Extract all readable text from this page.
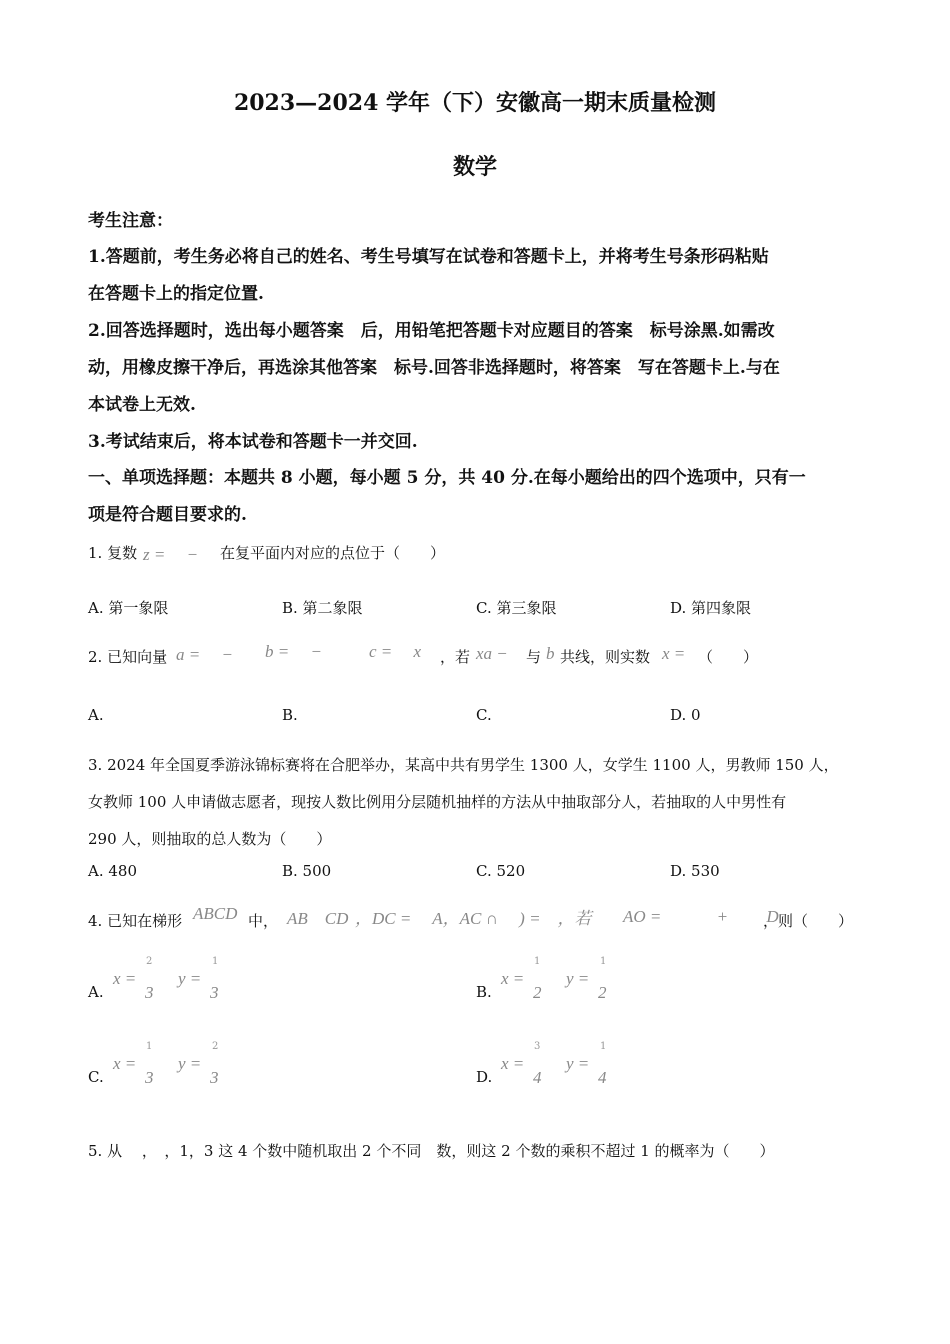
2023—2024 学年（下）安徽高一期末质量检测
数学
考生注意：
1.答题前，考生务必将自己的姓名、考生号填写在试卷和答题卡上，并将考生号条形码粘贴
在答题卡上的指定位置.
2.回答选择题时，选出每小题答案　后，用铅笔把答题卡对应题目的答案　标号涂黑.如需改
动，用橡皮擦干净后，再选涂其他答案　标号.回答非选择题时，将答案　写在答题卡上.与在
本试卷上无效.
3.考试结束后，将本试卷和答题卡一并交回.
一、单项选择题：本题共 8 小题，每小题 5 分，共 40 分.在每小题给出的四个选项中，只有一
项是符合题目要求的.
1. 复数 z =　 − 在复平面内对应的点位于（　　）
A. 第一象限	B. 第二象限	C. 第三象限	D. 第四象限
2. 已知向量 a =　 − b =　 −	c =　 x ，若 xa − 与 b 共线，则实数 x = （　　）
A.	B.	C.	D. 0
3. 2024 年全国夏季游泳锦标赛将在合肥举办，某高中共有男学生 1300 人，女学生 1100 人，男教师 150 人，
女教师 100 人申请做志愿者，现按人数比例用分层随机抽样的方法从中抽取部分人，若抽取的人中男性有
290 人，则抽取的总人数为（　　）
A. 480	B. 500	C. 520	D. 530
4. 已知在梯形 ABCD 中， AB　CD ，DC =　 A，AC ∩　 ) =　，若 AO =　　　 +　　 D
，则（　　）
A.
x =
2
3
y =
1
3	B.
x =
1
2
y =
1
2
C.
x =
1
3
y =
2
3	D.
x =
3
4
y =
1
4
5. 从　 ，　，1，3 这 4 个数中随机取出 2 个不同　数，则这 2 个数的乘积不超过 1 的概率为（　　）
